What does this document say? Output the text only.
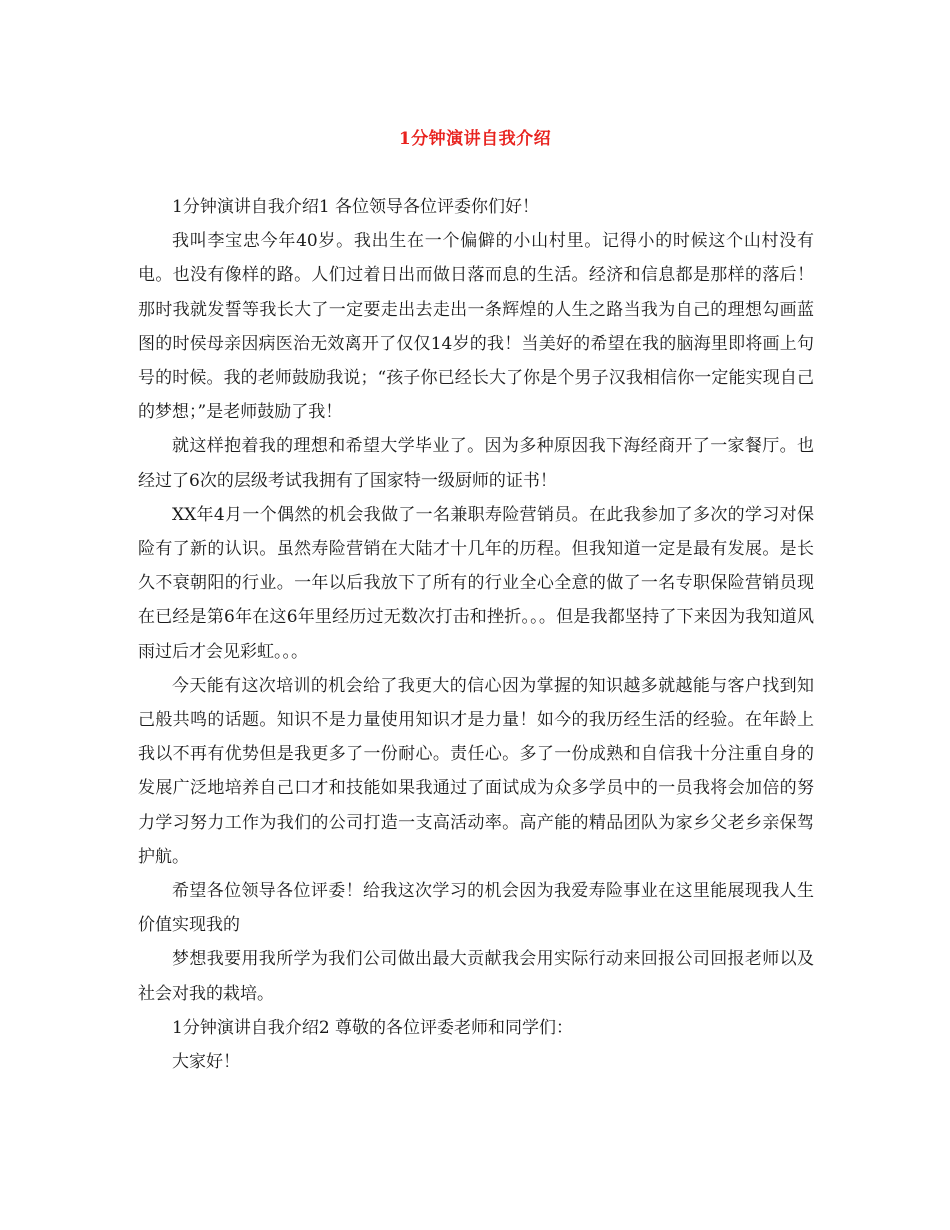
1分钟演讲自我介绍

1分钟演讲自我介绍1 各位领导各位评委你们好！

我叫李宝忠今年40岁。我出生在一个偏僻的小山村里。记得小的时候这个山村没有电。也没有像样的路。人们过着日出而做日落而息的生活。经济和信息都是那样的落后！那时我就发誓等我长大了一定要走出去走出一条辉煌的人生之路当我为自己的理想勾画蓝图的时侯母亲因病医治无效离开了仅仅14岁的我！当美好的希望在我的脑海里即将画上句号的时候。我的老师鼓励我说；“孩子你已经长大了你是个男子汉我相信你一定能实现自己的梦想；”是老师鼓励了我！

就这样抱着我的理想和希望大学毕业了。因为多种原因我下海经商开了一家餐厅。也经过了6次的层级考试我拥有了国家特一级厨师的证书！

XX年4月一个偶然的机会我做了一名兼职寿险营销员。在此我参加了多次的学习对保险有了新的认识。虽然寿险营销在大陆才十几年的历程。但我知道一定是最有发展。是长久不衰朝阳的行业。一年以后我放下了所有的行业全心全意的做了一名专职保险营销员现在已经是第6年在这6年里经历过无数次打击和挫折。。。但是我都坚持了下来因为我知道风雨过后才会见彩虹。。。

今天能有这次培训的机会给了我更大的信心因为掌握的知识越多就越能与客户找到知己般共鸣的话题。知识不是力量使用知识才是力量！如今的我历经生活的经验。在年龄上我以不再有优势但是我更多了一份耐心。责任心。多了一份成熟和自信我十分注重自身的发展广泛地培养自己口才和技能如果我通过了面试成为众多学员中的一员我将会加倍的努力学习努力工作为我们的公司打造一支高活动率。高产能的精品团队为家乡父老乡亲保驾护航。

希望各位领导各位评委！给我这次学习的机会因为我爱寿险事业在这里能展现我人生价值实现我的

梦想我要用我所学为我们公司做出最大贡献我会用实际行动来回报公司回报老师以及社会对我的栽培。

1分钟演讲自我介绍2 尊敬的各位评委老师和同学们：

大家好！
